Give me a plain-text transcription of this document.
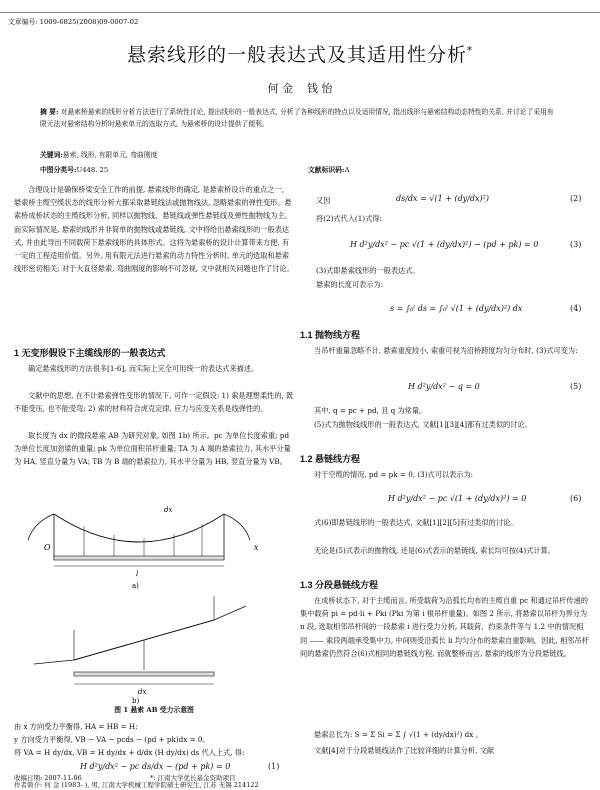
文章编号: 1009-6825(2008)09-0007-02
悬索线形的一般表达式及其适用性分析*
何 金    钱 怡
摘 要: 对悬索桥悬索的线形分析方法进行了系统性讨论, 提出线形的一般表达式, 分析了各种线形的特点以及适用情况, 指出线形与悬索结构动态特性的关系, 并讨论了采用有限元法对悬索结构分析时悬索单元的选取方式, 为悬索桥的设计提供了便利。
关键词:悬索, 线形, 有限单元, 弯曲刚度
中图分类号:U448. 25	文献标识码:A
合理设计是确保桥梁安全工作的前提, 悬索线形的确定, 是悬索桥设计的重点之一。悬索桥主缆空缆状态的线形分析大都采取悬链线法或抛物线法, 忽略悬索的弹性变形。悬索桥成桥状态的主缆线形分析, 同样以抛物线、悬链线或弹性悬链线及弹性抛物线为主。而实际情况是, 悬索的线形并非简单的抛物线或悬链线, 文中将给出悬索线形的一般表达式, 并由此导出不同载荷下悬索线形的具体形式。这将为悬索桥的设计计算带来方便, 有一定的工程适用价值。另外, 用有限元法进行悬索的动力特性分析时, 单元的选取和悬索线形密切相关; 对于大直径悬索, 弯曲刚度的影响不可忽视, 文中就相关问题也作了讨论。
1 无变形假设下主缆线形的一般表达式
确定悬索线形的方法很多[1-6], 而实际上完全可用统一的表达式来描述。
文献中的思想, 在不计悬索弹性变形的情况下, 可作一定假设: 1) 索是理想柔性的, 既不能受压, 也不能受弯; 2) 索的材料符合虎克定律, 应力与应变关系是线弹性的。
取长度为 dx 的微段悬索 AB 为研究对象, 如图 1b) 所示。pc 为单位长度索重; pd 为单位长度加劲梁的重量; pk 为单位面积吊杆重量; TA 为 A 端的悬索拉力, 其水平分量为 HA, 竖直分量为 VA; TB 为 B 端的悬索拉力, 其水平分量为 HB, 竖直分量为 VB。
O	x
dx
l
a)
dx
b)
图 1 悬索 AB 受力示意图
由 x 方向受力平衡得, HA = HB = H;
y 方向受力平衡得, VB − VA − pcds − (pd + pk)dx = 0。
将 VA = H dy/dx, VB = H dy/dx + d/dx (H dy/dx) ds 代入上式, 得:
H d²y/dx² − pc ds/dx − (pd + pk) = 0	(1)
又因	ds/dx = √(1 + (dy/dx)²)	(2)
将(2)式代入(1)式得:
H d²y/dx² − pc √(1 + (dy/dx)²) − (pd + pk) = 0	(3)
(3)式即悬索线形的一般表达式。
悬索的长度可表示为:
s = ∫₀ˡ ds = ∫₀ˡ √(1 + (dy/dx)²) dx	(4)
1.1 抛物线方程
当吊杆重量忽略不计, 悬索重度较小, 索重可视为沿桥跨度均匀分布时, (3)式可变为:
H d²y/dx² − q = 0	(5)
其中, q = pc + pd, 且 q 为常量。
(5)式为抛物线线形的一般表达式, 文献[1][3][4]都有过类似的讨论。
1.2 悬链线方程
对于空缆的情况, pd = pk = 0, (3)式可以表示为:
H d²y/dx² − pc √(1 + (dy/dx)²) = 0	(6)
式(6)即悬链线形的一般表达式, 文献[1][2][5]有过类似的讨论。
无论是(5)式表示的抛物线, 还是(6)式表示的悬链线, 索长均可按(4)式计算。
1.3 分段悬链线方程
在成桥状态下, 对于主缆而言, 所受载荷为沿弧长均布的主缆自重 pc 和通过吊杆传递的集中载荷 pi = pd·li + Pki (Pki 为第 i 根吊杆重量)。如图 2 所示, 将悬索以吊杆为界分为 n 段, 选取相邻吊杆间的一段悬索 i 进行受力分析, 其载荷、约束条件等与 1.2 中的情况相同 —— 索段两端承受集中力, 中间则受沿弧长 li 均匀分布的悬索自重影响。因此, 相邻吊杆间的悬索仍然符合(6)式相同的悬链线方程, 而就整桥而言, 悬索的线形为分段悬链线。
悬索总长为: S = Σ Si = Σ ∫ √(1 + (dy/dx)²) dx 。
文献[4]对于分段悬链线法作了比较详细的计算分析, 文献
收稿日期: 2007-11-06	*: 江南大学优长基金资助项目
作者简介: 何 金 (1983- ), 男, 江南大学机械工程学院硕士研究生, 江苏 无锡 214122
